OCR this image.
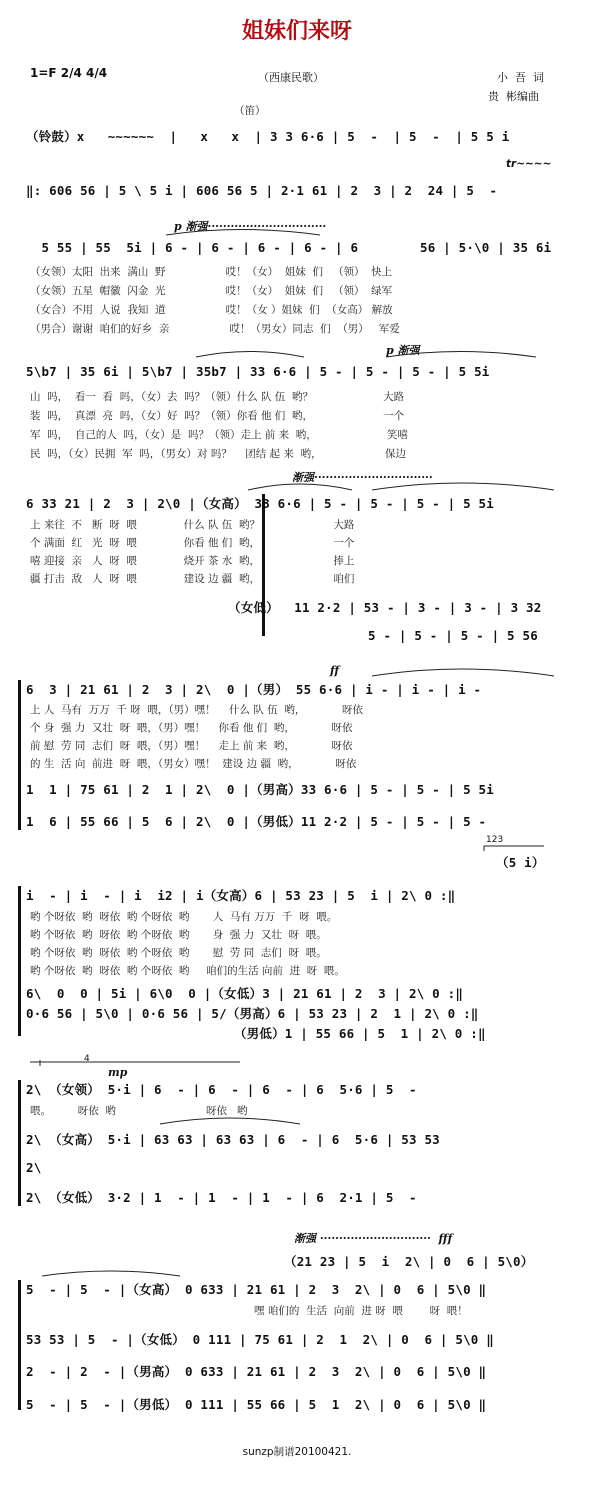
姐妹们来呀
1=F 2/4 4/4	（西康民歌）	小  吾  词
贵  彬编曲
（笛）
tr~~~~
（铃鼓）x   ~~~~~~  |   x   x  | 3 3 6·6 | 5  -  | 5  -  | 5 5 i
‖: 606 56 | 5 \ 5 i | 606 56 5 | 2·1 61 | 2  3 | 2  24 | 5  -
p 渐强·······························
5 55 | 55  5i | 6 - | 6 - | 6 - | 6 - | 6        56 | 5·\0 | 35 6i
（女领）太阳  出来  满山  野                  哎！（女）  姐妹  们   （领）  快上
（女领）五星  帽徽  闪金  光                  哎！（女）  姐妹  们   （领）  绿军
（女合）不用  人说  我知  道                  哎！（女 ）姐妹  们  （女高） 解放
（男合）谢谢  咱们的好乡  亲                  哎！（男女）同志  们  （男）   军爱
p 渐强
5\b7 | 35 6i | 5\b7 | 35b7 | 33 6·6 | 5 - | 5 - | 5 - | 5 5i
山  吗，  看一  看  吗，（女）去  吗？（领）什么 队 伍  哟？                     大路
装  吗，  真漂  亮  吗，（女）好  吗？（领）你看 他 们  哟，                     一个
军  吗，  自己的人  吗，（女）是  吗？（领）走上 前 来  哟，                     笑嘻
民  吗，（女）民拥  军  吗，（男女）对 吗？    团结 起 来  哟，                   保边
渐强·······························
6 33 21 | 2  3 | 2\0 |（女高） 33 6·6 | 5 - | 5 - | 5 - | 5 5i
上 来往  不   断  呀  喂              什么 队 伍  哟？                      大路
个 满面  红   光  呀  喂              你看 他 们  哟，                      一个
嘻 迎接  亲   人  呀  喂              烧开 茶 水  哟，                      捧上
疆 打击  敌   人  呀  喂              建设 边 疆  哟，                      咱们
（女低）  11 2·2 | 53 - | 3 - | 3 - | 3 32
5 - | 5 - | 5 - | 5 56
ff
6  3 | 21 61 | 2  3 | 2\  0 |（男） 55 6·6 | i - | i - | i -
上 人  马有  万万  千 呀  喂，（男）嘿！    什么 队 伍  哟，           呀依
个 身  强 力  又壮  呀  喂，（男）嘿！    你看 他 们  哟，           呀依
前 慰  劳 同  志们  呀  喂，（男）嘿！    走上 前 来  哟，           呀依
的 生  活 向  前进  呀  喂，（男女）嘿！  建设 边 疆  哟，           呀依
1  1 | 75 61 | 2  1 | 2\  0 |（男高）33 6·6 | 5 - | 5 - | 5 5i
1  6 | 55 66 | 5  6 | 2\  0 |（男低）11 2·2 | 5 - | 5 - | 5 -
123
（5 i）
i  - | i  - | i  i2 | i（女高）6 | 53 23 | 5  i | 2\ 0 :‖
哟 个呀依  哟  呀依  哟 个呀依  哟       人  马有 万万  千  呀  喂。
哟 个呀依  哟  呀依  哟 个呀依  哟       身  强 力  又壮  呀  喂。
哟 个呀依  哟  呀依  哟 个呀依  哟       慰  劳 同  志们  呀  喂。
哟 个呀依  哟  呀依  哟 个呀依  哟     咱们的生活 向前  进  呀  喂。
6\  0  0 | 5i | 6\0  0 |（女低）3 | 21 61 | 2  3 | 2\ 0 :‖
0·6 56 | 5\0 | 0·6 56 | 5/（男高）6 | 53 23 | 2  1 | 2\ 0 :‖
（男低）1 | 55 66 | 5  1 | 2\ 0 :‖
4
mp
2\ （女领） 5·i | 6  - | 6  - | 6  - | 6  5·6 | 5  -
喂。        呀依  哟                           呀依   哟
2\ （女高） 5·i | 63 63 | 63 63 | 6  - | 6  5·6 | 53 53
2\
2\ （女低） 3·2 | 1  - | 1  - | 1  - | 6  2·1 | 5  -
渐强 ·····························  fff
（21 23 | 5  i  2\ | 0  6 | 5\0）
5  - | 5  - |（女高） 0 633 | 21 61 | 2  3  2\ | 0  6 | 5\0 ‖
嘿 咱们的  生活  向前  进 呀  喂        呀  喂！
53 53 | 5  - |（女低） 0 111 | 75 61 | 2  1  2\ | 0  6 | 5\0 ‖
2  - | 2  - |（男高） 0 633 | 21 61 | 2  3  2\ | 0  6 | 5\0 ‖
5  - | 5  - |（男低） 0 111 | 55 66 | 5  1  2\ | 0  6 | 5\0 ‖
sunzp制谱20100421.
